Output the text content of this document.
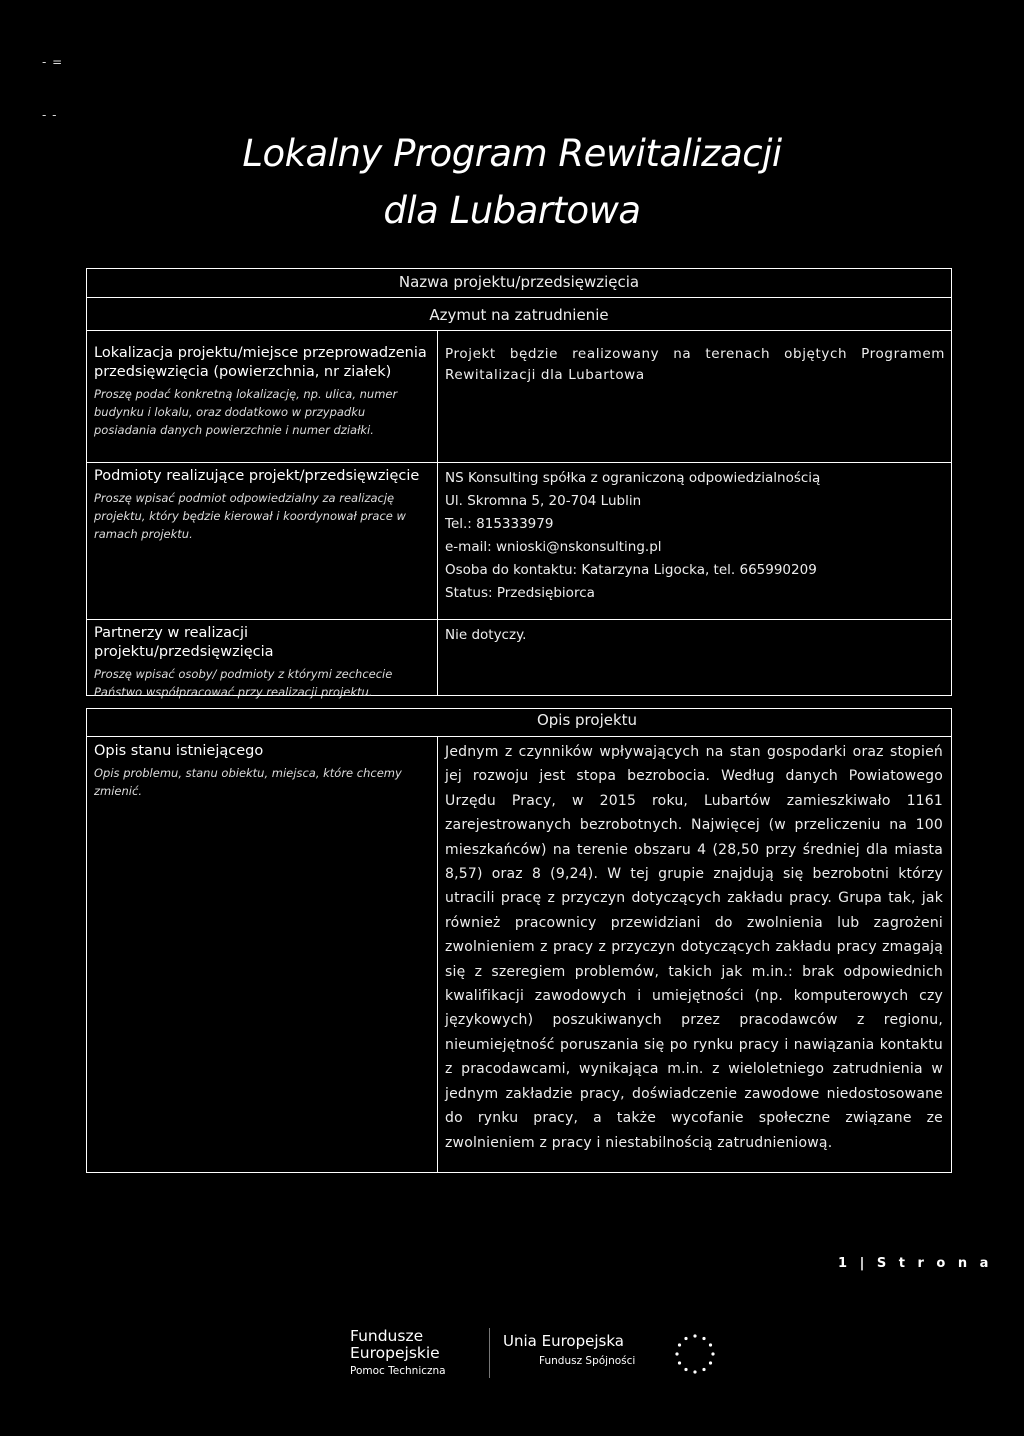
- =
- -
Lokalny Program Rewitalizacji
dla Lubartowa
Nazwa projektu/przedsięwzięcia
Azymut na zatrudnienie
Lokalizacja projektu/miejsce przeprowadzenia przedsięwzięcia (powierzchnia, nr ziałek)
Proszę podać konkretną lokalizację, np. ulica, numer budynku i lokalu, oraz dodatkowo w przypadku posiadania danych powierzchnie i numer działki.
Projekt będzie realizowany na terenach objętych Programem Rewitalizacji dla Lubartowa
Podmioty realizujące projekt/przedsięwzięcie
Proszę wpisać podmiot odpowiedzialny za realizację projektu, który będzie kierował i koordynował prace w ramach projektu.
NS Konsulting spółka z ograniczoną odpowiedzialnością
Ul. Skromna 5, 20-704 Lublin
Tel.: 815333979
e-mail: wnioski@nskonsulting.pl
Osoba do kontaktu: Katarzyna Ligocka, tel. 665990209
Status: Przedsiębiorca
Partnerzy w realizacji projektu/przedsięwzięcia
Proszę wpisać osoby/ podmioty z którymi zechcecie Państwo współpracować przy realizacji projektu.
Nie dotyczy.
Opis projektu
Opis stanu istniejącego
Opis problemu, stanu obiektu, miejsca, które chcemy zmienić.
Jednym z czynników wpływających na stan gospodarki oraz stopień jej rozwoju jest stopa bezrobocia. Według danych Powiatowego Urzędu Pracy, w 2015 roku, Lubartów zamieszkiwało 1161 zarejestrowanych bezrobotnych. Najwięcej (w przeliczeniu na 100 mieszkańców) na terenie obszaru 4 (28,50 przy średniej dla miasta 8,57) oraz 8 (9,24). W tej grupie znajdują się bezrobotni którzy utracili pracę z przyczyn dotyczących zakładu pracy. Grupa tak, jak również pracownicy przewidziani do zwolnienia lub zagrożeni zwolnieniem z pracy z przyczyn dotyczących zakładu pracy zmagają się z szeregiem problemów, takich jak m.in.: brak odpowiednich kwalifikacji zawodowych i umiejętności (np. komputerowych czy językowych) poszukiwanych przez pracodawców z regionu, nieumiejętność poruszania się po rynku pracy i nawiązania kontaktu z pracodawcami, wynikająca m.in. z wieloletniego zatrudnienia w jednym zakładzie pracy, doświadczenie zawodowe niedostosowane do rynku pracy, a także wycofanie społeczne związane ze zwolnieniem z pracy i niestabilnością zatrudnieniową.
1 | S t r o n a
Fundusze
Europejskie
Pomoc Techniczna
Unia Europejska
Fundusz Spójności
